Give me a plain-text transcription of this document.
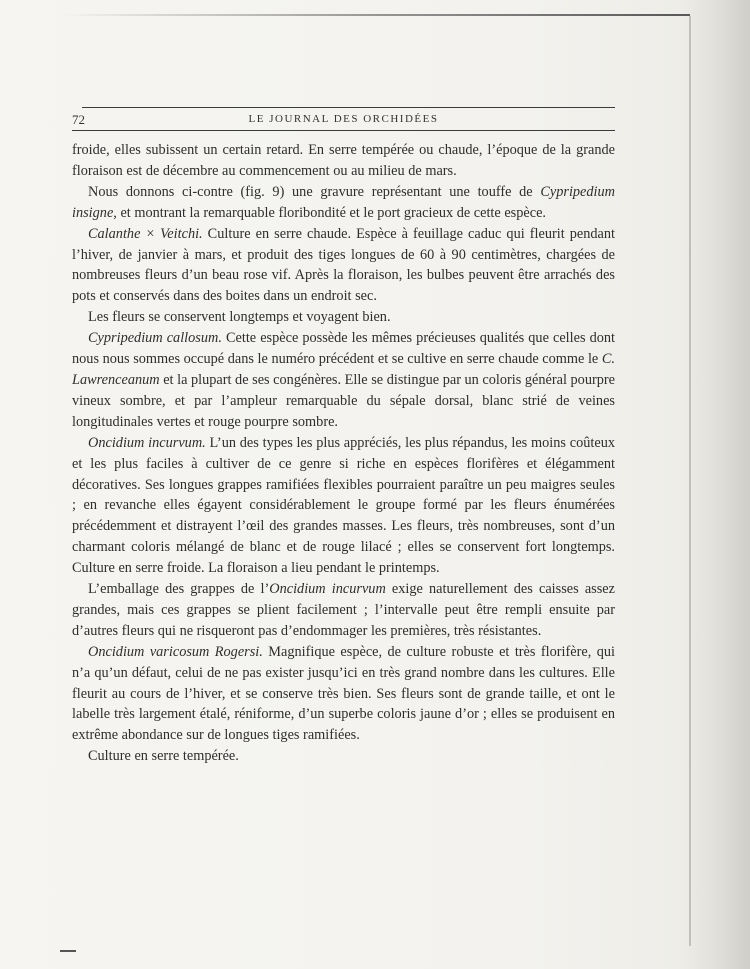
72	LE JOURNAL DES ORCHIDÉES

froide, elles subissent un certain retard. En serre tempérée ou chaude, l’époque de la grande floraison est de décembre au commencement ou au milieu de mars.

Nous donnons ci-contre (fig. 9) une gravure représentant une touffe de Cypripedium insigne, et montrant la remarquable floribondité et le port gracieux de cette espèce.

Calanthe × Veitchi. Culture en serre chaude. Espèce à feuillage caduc qui fleurit pendant l’hiver, de janvier à mars, et produit des tiges longues de 60 à 90 centimètres, chargées de nombreuses fleurs d’un beau rose vif. Après la floraison, les bulbes peuvent être arrachés des pots et conservés dans des boites dans un endroit sec.

Les fleurs se conservent longtemps et voyagent bien.

Cypripedium callosum. Cette espèce possède les mêmes précieuses qualités que celles dont nous nous sommes occupé dans le numéro précédent et se cultive en serre chaude comme le C. Lawrenceanum et la plupart de ses congénères. Elle se distingue par un coloris général pourpre vineux sombre, et par l’ampleur remarquable du sépale dorsal, blanc strié de veines longitudinales vertes et rouge pourpre sombre.

Oncidium incurvum. L’un des types les plus appréciés, les plus répandus, les moins coûteux et les plus faciles à cultiver de ce genre si riche en espèces florifères et élégamment décoratives. Ses longues grappes ramifiées flexibles pourraient paraître un peu maigres seules ; en revanche elles égayent considérablement le groupe formé par les fleurs énumérées précédemment et distrayent l’œil des grandes masses. Les fleurs, très nombreuses, sont d’un charmant coloris mélangé de blanc et de rouge lilacé ; elles se conservent fort longtemps. Culture en serre froide. La floraison a lieu pendant le printemps.

L’emballage des grappes de l’Oncidium incurvum exige naturellement des caisses assez grandes, mais ces grappes se plient facilement ; l’intervalle peut être rempli ensuite par d’autres fleurs qui ne risqueront pas d’endommager les premières, très résistantes.

Oncidium varicosum Rogersi. Magnifique espèce, de culture robuste et très florifère, qui n’a qu’un défaut, celui de ne pas exister jusqu’ici en très grand nombre dans les cultures. Elle fleurit au cours de l’hiver, et se conserve très bien. Ses fleurs sont de grande taille, et ont le labelle très largement étalé, réniforme, d’un superbe coloris jaune d’or ; elles se produisent en extrême abondance sur de longues tiges ramifiées.

Culture en serre tempérée.
